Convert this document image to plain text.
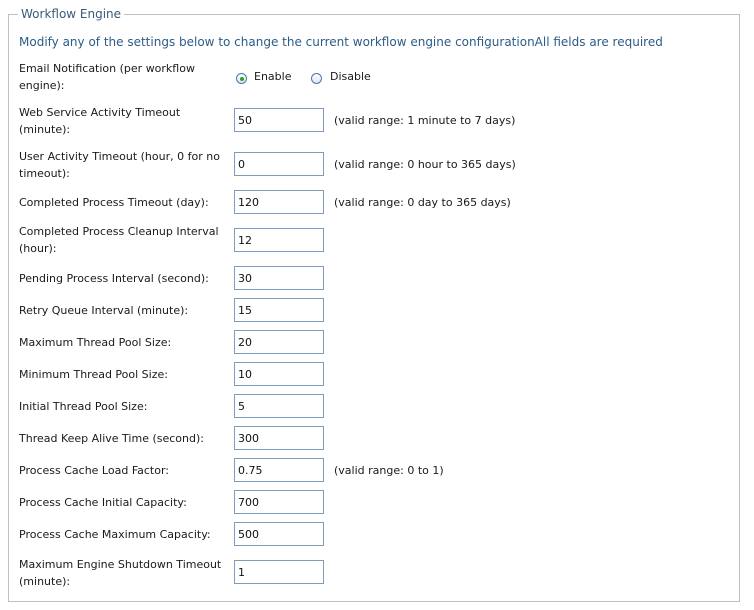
Workflow Engine
Modify any of the settings below to change the current workflow engine configurationAll fields are required
Email Notification (per workflow engine):
Enable	Disable
Web Service Activity Timeout (minute):
50
(valid range: 1 minute to 7 days)
User Activity Timeout (hour, 0 for no timeout):
0
(valid range: 0 hour to 365 days)
Completed Process Timeout (day):
120	(valid range: 0 day to 365 days)
Completed Process Cleanup Interval (hour):
12
Pending Process Interval (second):
30
Retry Queue Interval (minute):
15
Maximum Thread Pool Size:
20
Minimum Thread Pool Size:
10
Initial Thread Pool Size:
5
Thread Keep Alive Time (second):
300
Process Cache Load Factor:
0.75	(valid range: 0 to 1)
Process Cache Initial Capacity:
700
Process Cache Maximum Capacity:
500
Maximum Engine Shutdown Timeout (minute):
1
